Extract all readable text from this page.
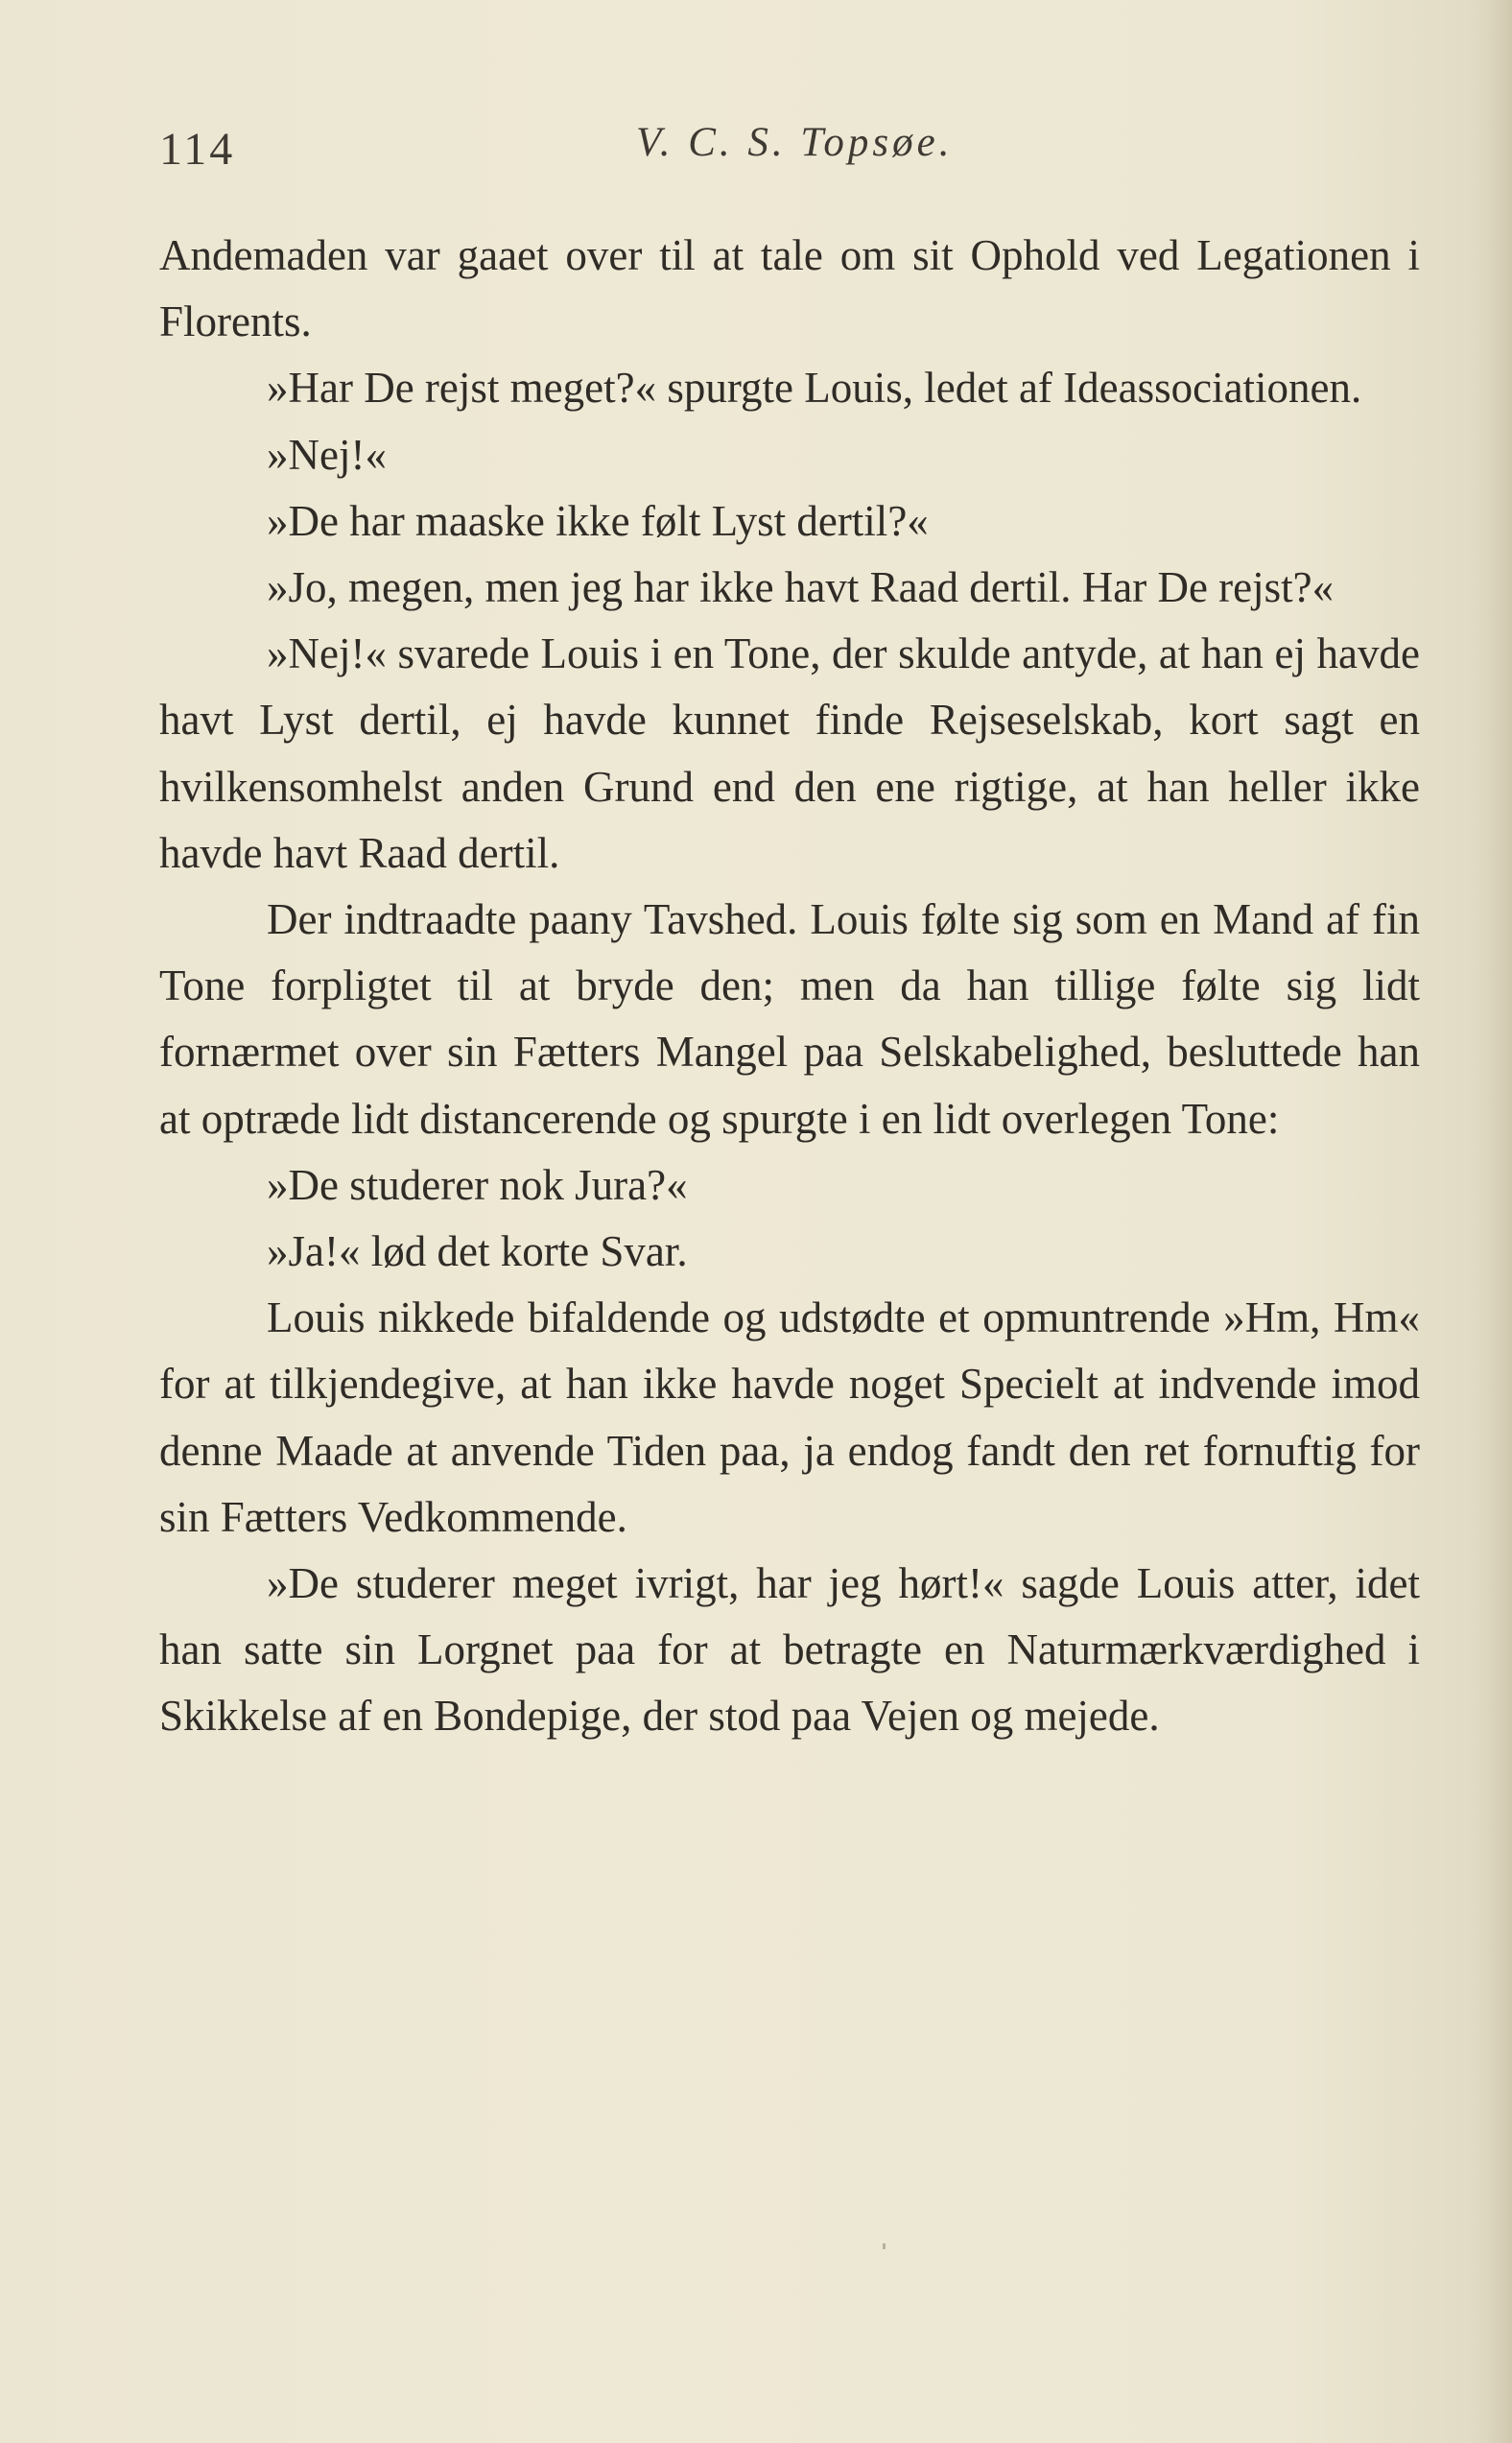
114	V. C. S. Topsøe.

Andemaden var gaaet over til at tale om sit Ophold ved Legationen i Florents.

»Har De rejst meget?« spurgte Louis, ledet af Ideassociationen.

»Nej!«

»De har maaske ikke følt Lyst dertil?«

»Jo, megen, men jeg har ikke havt Raad dertil. Har De rejst?«

»Nej!« svarede Louis i en Tone, der skulde antyde, at han ej havde havt Lyst dertil, ej havde kunnet finde Rejseselskab, kort sagt en hvilkensomhelst anden Grund end den ene rigtige, at han heller ikke havde havt Raad dertil.

Der indtraadte paany Tavshed. Louis følte sig som en Mand af fin Tone forpligtet til at bryde den; men da han tillige følte sig lidt fornærmet over sin Fætters Mangel paa Selskabelighed, besluttede han at optræde lidt distancerende og spurgte i en lidt overlegen Tone:

»De studerer nok Jura?«

»Ja!« lød det korte Svar.

Louis nikkede bifaldende og udstødte et opmuntrende »Hm, Hm« for at tilkjendegive, at han ikke havde noget Specielt at indvende imod denne Maade at anvende Tiden paa, ja endog fandt den ret fornuftig for sin Fætters Vedkommende.

»De studerer meget ivrigt, har jeg hørt!« sagde Louis atter, idet han satte sin Lorgnet paa for at betragte en Naturmærkværdighed i Skikkelse af en Bondepige, der stod paa Vejen og mejede.
